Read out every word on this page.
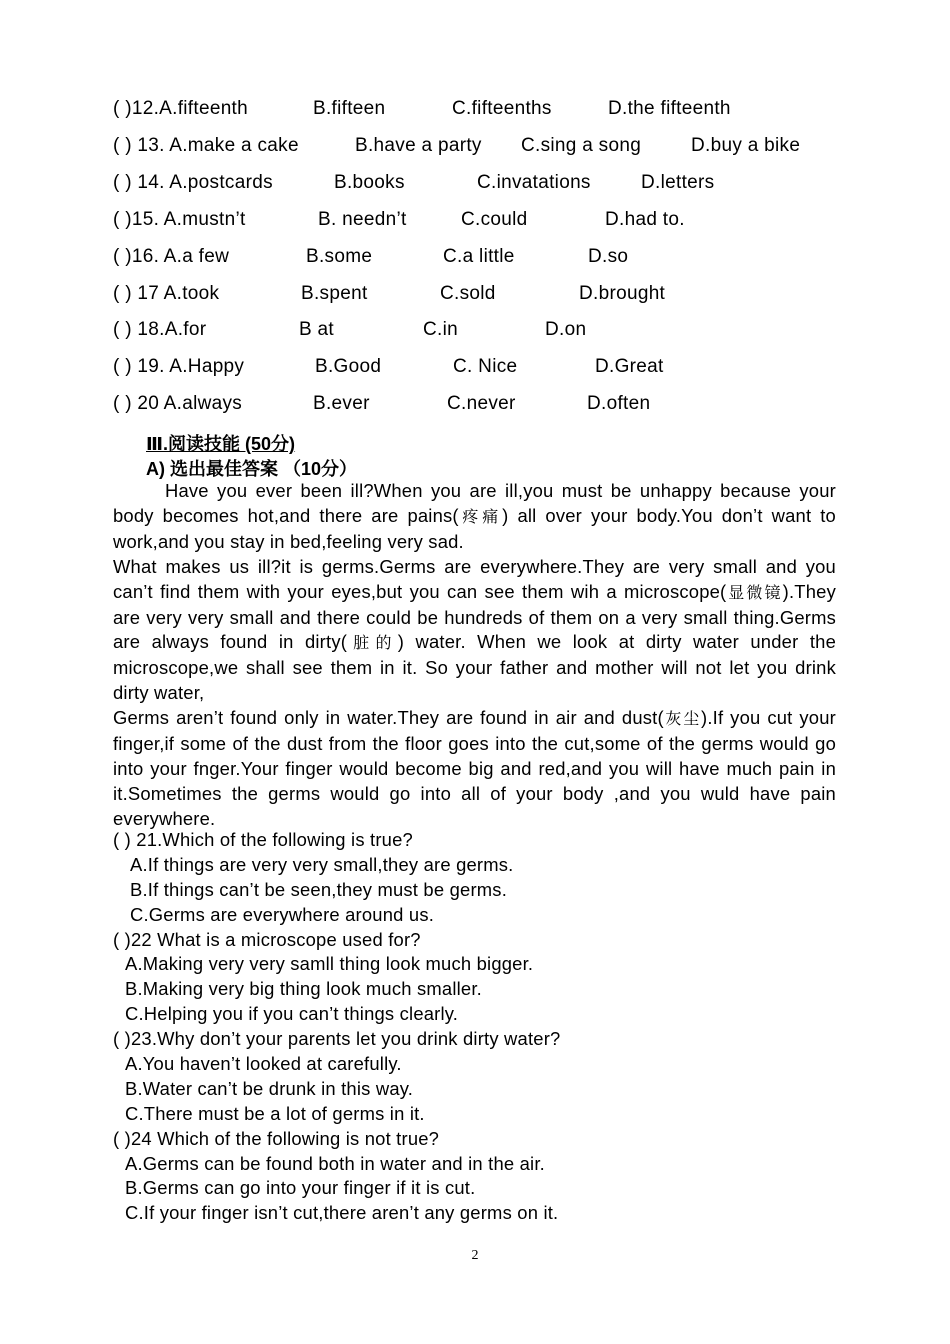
( )12.A.fifteenth	B.fifteen	C.fifteenths	D.the fifteenth
( ) 13. A.make a cake	B.have a party C.sing a song	D.buy a bike
( ) 14. A.postcards	B.books	C.invatations	D.letters
( )15. A.mustn’t	B. needn’t	C.could	D.had to.
( )16. A.a few	B.some	C.a little	D.so
( ) 17 A.took	B.spent	C.sold	D.brought
( ) 18.A.for	B at	C.in	D.on
( ) 19. A.Happy	B.Good	C. Nice	D.Great
( ) 20 A.always	B.ever	C.never	D.often
Ⅲ.阅读技能 (50分)
A) 选出最佳答案 （10分）

Have you ever been ill?When you are ill,you must be unhappy because your body becomes hot,and there are pains(疼痛) all over your body.You don’t want to work,and you stay in bed,feeling very sad.

What makes us ill?it is germs.Germs are everywhere.They are very small and you can’t find them with your eyes,but you can see them wih a microscope(显微镜).They are very very small and there could be hundreds of them on a very small thing.Germs are always found in dirty(脏的) water. When we look at dirty water under the microscope,we shall see them in it. So your father and mother will not let you drink dirty water,

Germs aren’t found only in water.They are found in air and dust(灰尘).If you cut your finger,if some of the dust from the floor goes into the cut,some of the germs would go into your fnger.Your finger would become big and red,and you will have much pain in it.Sometimes the germs would go into all of your body ,and you wuld have pain everywhere.

( ) 21.Which of the following is true?
A.If things are very very small,they are germs.
B.If things can’t be seen,they must be germs.
C.Germs are everywhere around us.
( )22 What is a microscope used for?
A.Making very very samll thing look much bigger.
B.Making very big thing look much smaller.
C.Helping you if you can’t things clearly.
( )23.Why don’t your parents let you drink dirty water?
A.You haven’t looked at carefully.
B.Water can’t be drunk in this way.
C.There must be a lot of germs in it.
( )24 Which of the following is not true?
A.Germs can be found both in water and in the air.
B.Germs can go into your finger if it is cut.
C.If your finger isn’t cut,there aren’t any germs on it.
2
